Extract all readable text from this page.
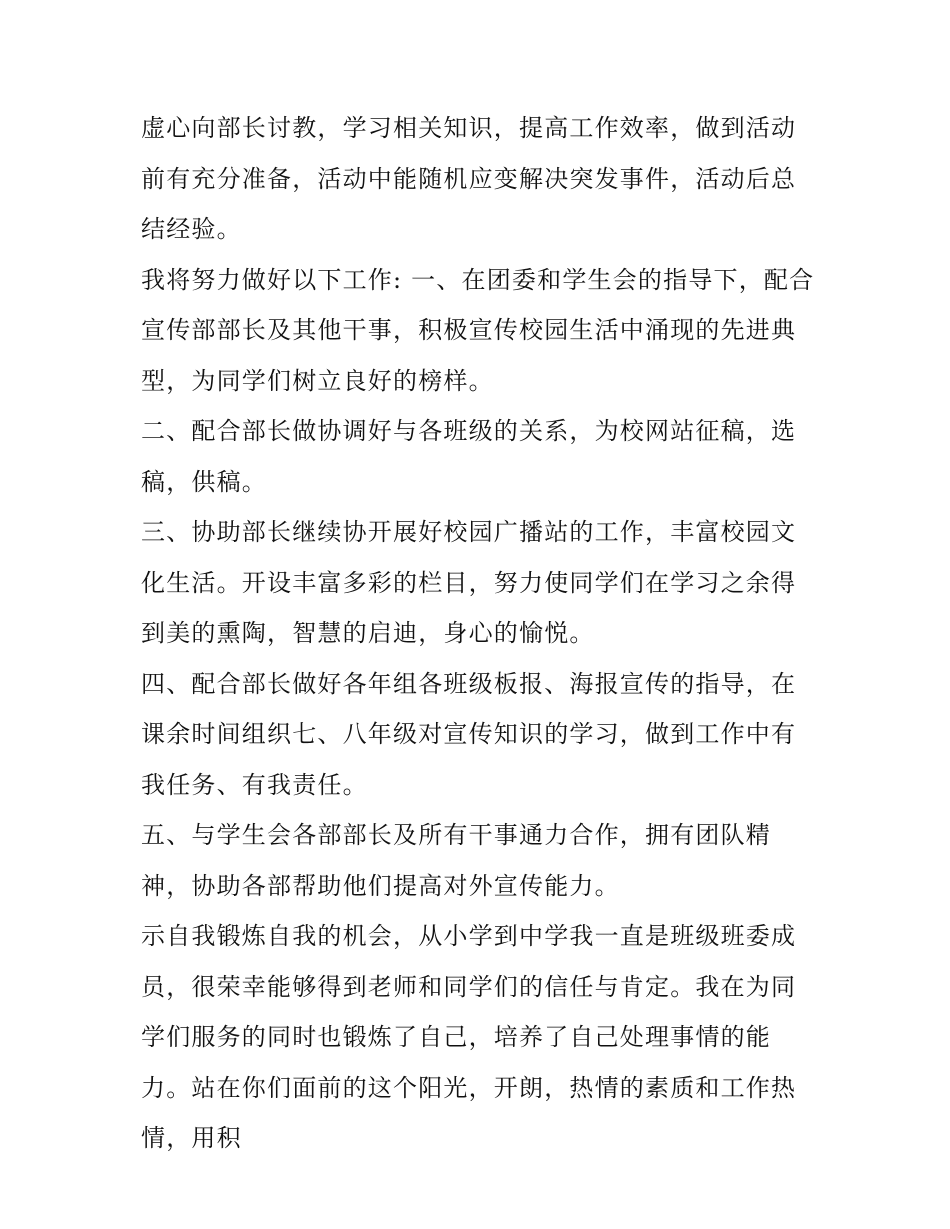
虚心向部长讨教，学习相关知识，提高工作效率，做到活动前有充分准备，活动中能随机应变解决突发事件，活动后总结经验。

我将努力做好以下工作: 一、在团委和学生会的指导下，配合宣传部部长及其他干事，积极宣传校园生活中涌现的先进典型，为同学们树立良好的榜样。

二、配合部长做协调好与各班级的关系，为校网站征稿，选稿，供稿。

三、协助部长继续协开展好校园广播站的工作，丰富校园文化生活。开设丰富多彩的栏目，努力使同学们在学习之余得到美的熏陶，智慧的启迪，身心的愉悦。

四、配合部长做好各年组各班级板报、海报宣传的指导，在课余时间组织七、八年级对宣传知识的学习，做到工作中有我任务、有我责任。

五、与学生会各部部长及所有干事通力合作，拥有团队精神，协助各部帮助他们提高对外宣传能力。

示自我锻炼自我的机会，从小学到中学我一直是班级班委成员，很荣幸能够得到老师和同学们的信任与肯定。我在为同学们服务的同时也锻炼了自己，培养了自己处理事情的能力。站在你们面前的这个阳光，开朗，热情的素质和工作热情，用积
